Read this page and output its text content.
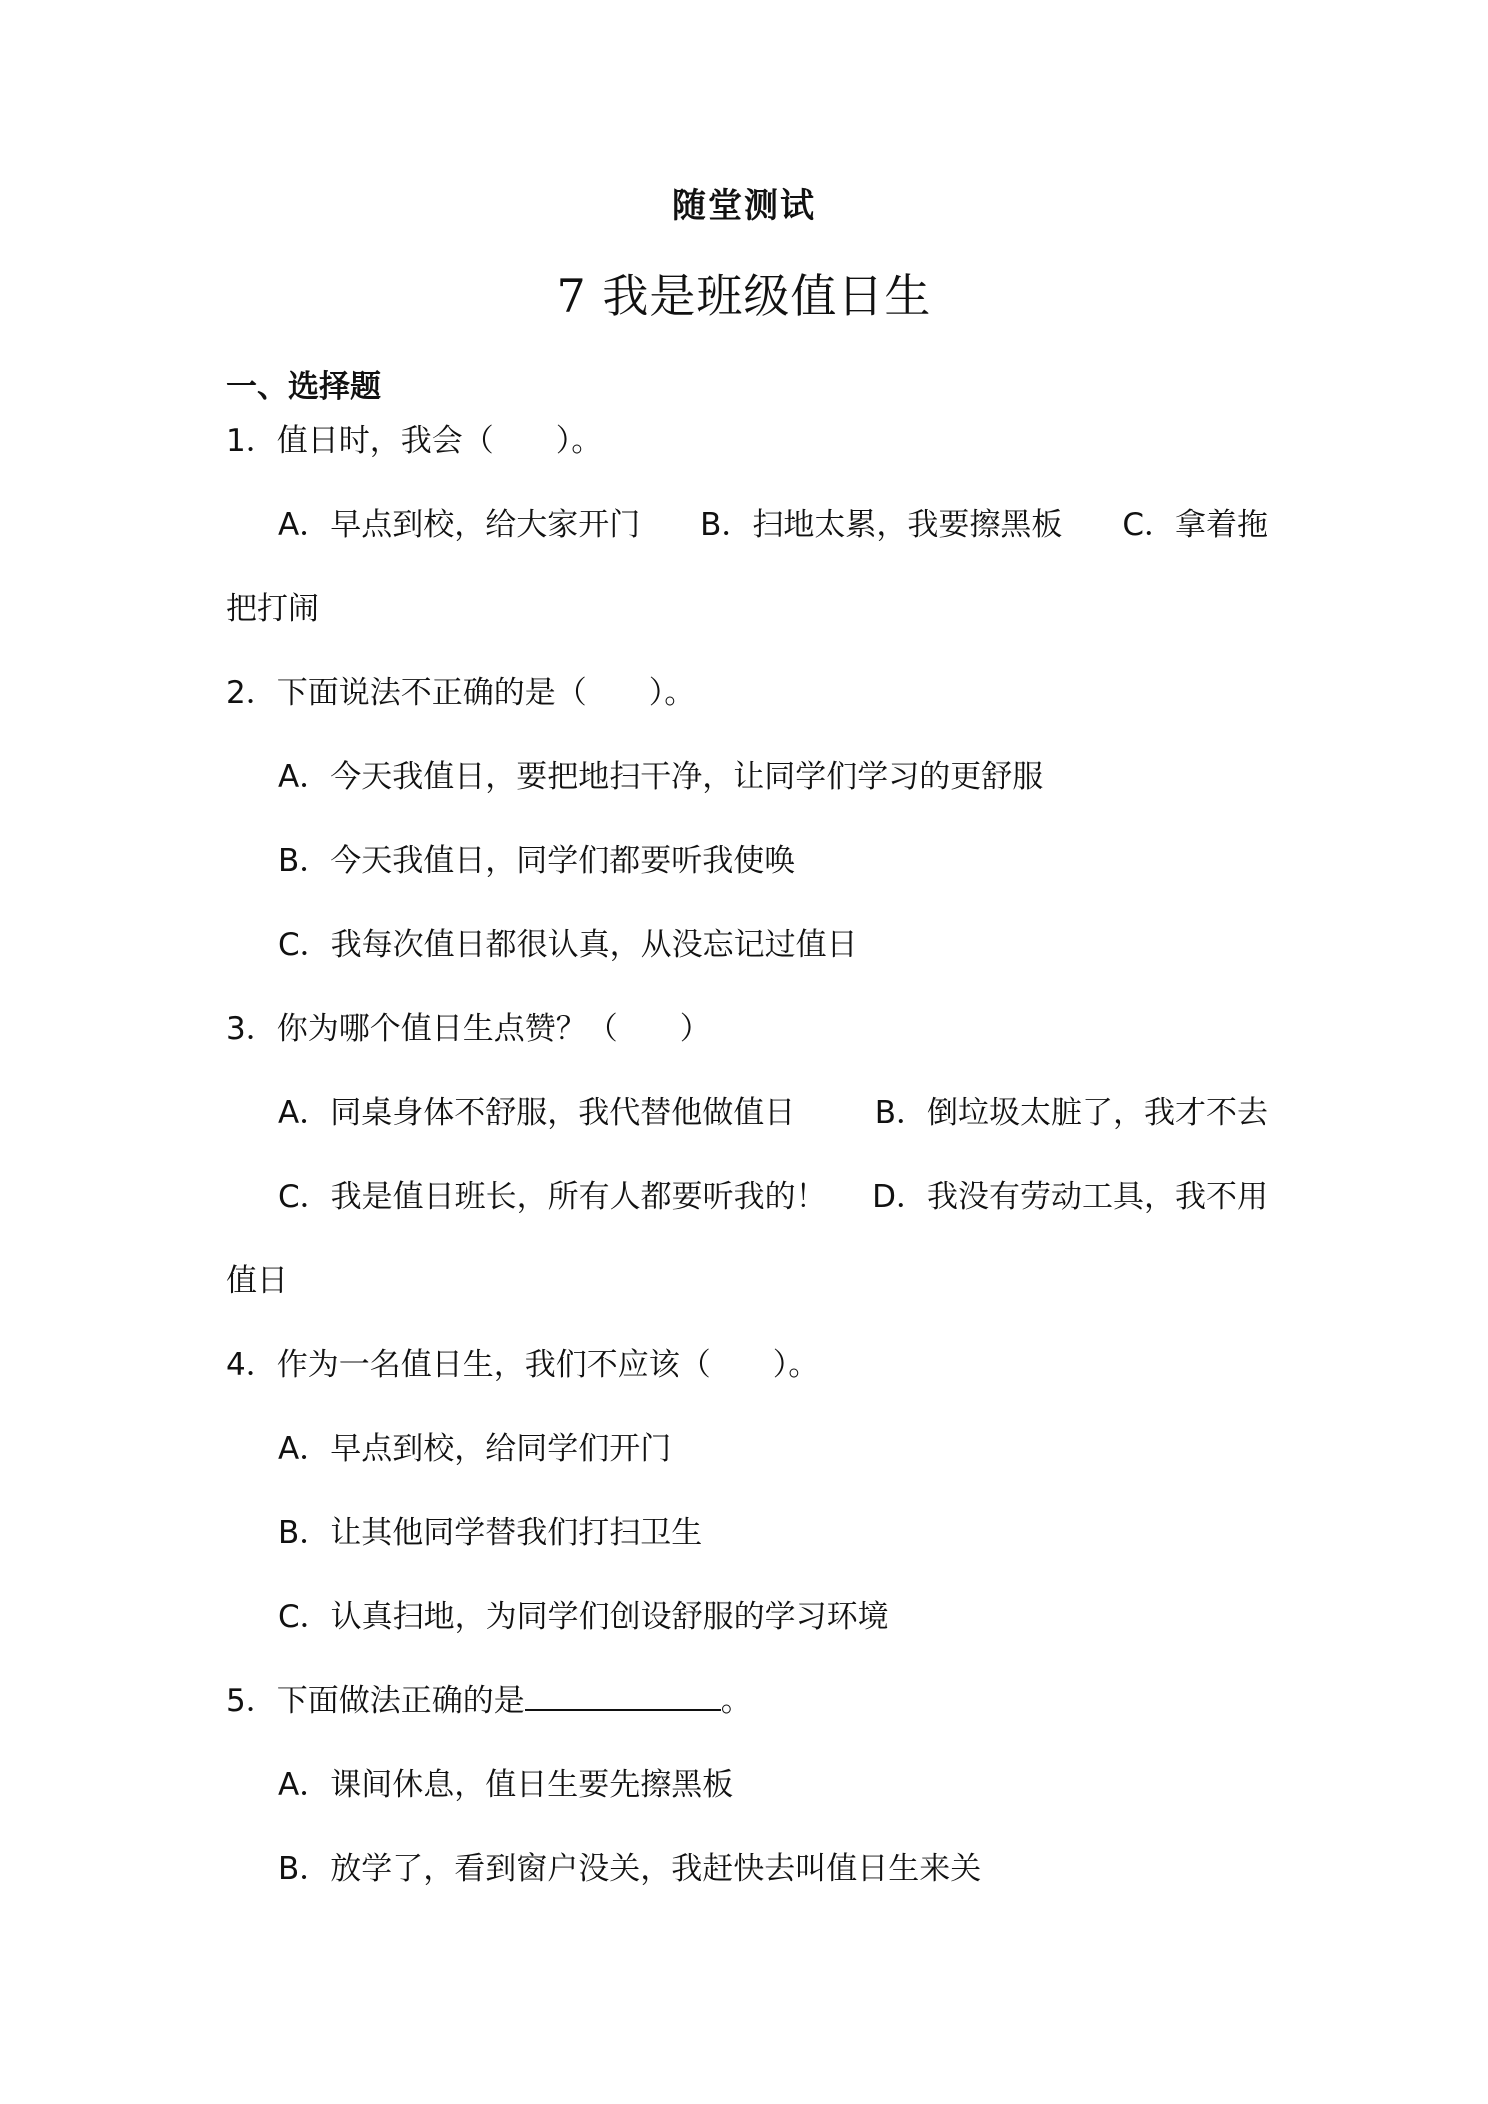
随堂测试
7 我是班级值日生
一、选择题
1．值日时，我会（　　）。
A．早点到校，给大家开门 B．扫地太累，我要擦黑板 C．拿着拖
把打闹
2．下面说法不正确的是（　　）。
A．今天我值日，要把地扫干净，让同学们学习的更舒服
B．今天我值日，同学们都要听我使唤
C．我每次值日都很认真，从没忘记过值日
3．你为哪个值日生点赞？（　　）
A．同桌身体不舒服，我代替他做值日	B．倒垃圾太脏了，我才不去
C．我是值日班长，所有人都要听我的！ D．我没有劳动工具，我不用
值日
4．作为一名值日生，我们不应该（　　）。
A．早点到校，给同学们开门
B．让其他同学替我们打扫卫生
C．认真扫地，为同学们创设舒服的学习环境
5．下面做法正确的是	。
A．课间休息，值日生要先擦黑板
B．放学了，看到窗户没关，我赶快去叫值日生来关
